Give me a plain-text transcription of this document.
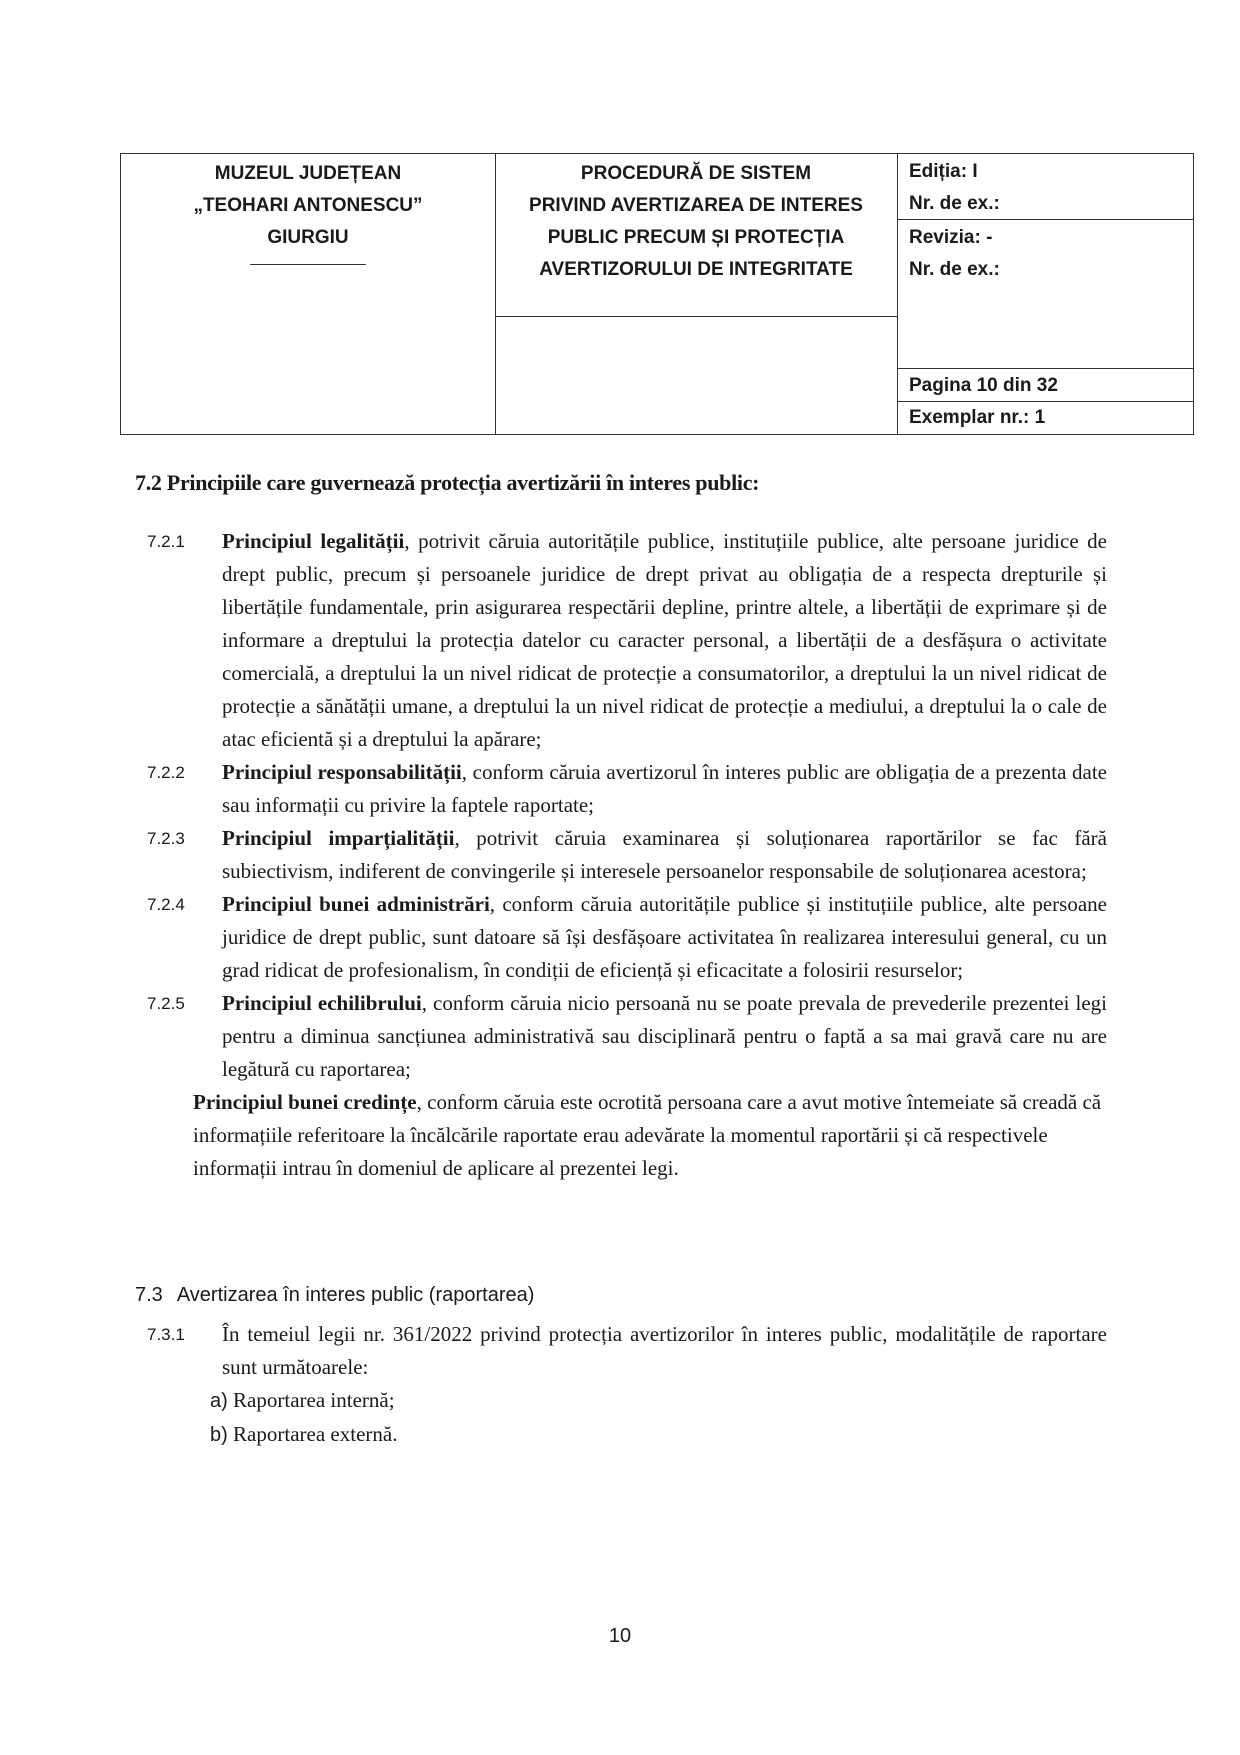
MUZEUL JUDEȚEAN
„TEOHARI ANTONESCU”
GIURGIU
PROCEDURĂ DE SISTEM
PRIVIND AVERTIZAREA DE INTERES
PUBLIC PRECUM ȘI PROTECȚIA
AVERTIZORULUI DE INTEGRITATE
Ediția: I
Nr. de ex.:
Revizia: -
Nr. de ex.:
Pagina 10 din 32
Exemplar nr.: 1
7.2 Principiile care guvernează protecția avertizării în interes public:
7.2.1 Principiul legalității, potrivit căruia autoritățile publice, instituțiile publice, alte persoane juridice de drept public, precum și persoanele juridice de drept privat au obligația de a respecta drepturile și libertățile fundamentale, prin asigurarea respectării depline, printre altele, a libertății de exprimare și de informare a dreptului la protecția datelor cu caracter personal, a libertății de a desfășura o activitate comercială, a dreptului la un nivel ridicat de protecție a consumatorilor, a dreptului la un nivel ridicat de protecție a sănătății umane, a dreptului la un nivel ridicat de protecție a mediului, a dreptului la o cale de atac eficientă și a dreptului la apărare;
7.2.2 Principiul responsabilității, conform căruia avertizorul în interes public are obligația de a prezenta date sau informații cu privire la faptele raportate;
7.2.3 Principiul imparțialității, potrivit căruia examinarea și soluționarea raportărilor se fac fără subiectivism, indiferent de convingerile și interesele persoanelor responsabile de soluționarea acestora;
7.2.4 Principiul bunei administrări, conform căruia autoritățile publice și instituțiile publice, alte persoane juridice de drept public, sunt datoare să își desfășoare activitatea în realizarea interesului general, cu un grad ridicat de profesionalism, în condiții de eficiență și eficacitate a folosirii resurselor;
7.2.5 Principiul echilibrului, conform căruia nicio persoană nu se poate prevala de prevederile prezentei legi pentru a diminua sancțiunea administrativă sau disciplinară pentru o faptă a sa mai gravă care nu are legătură cu raportarea;
Principiul bunei credințe, conform căruia este ocrotită persoana care a avut motive întemeiate să creadă că informațiile referitoare la încălcările raportate erau adevărate la momentul raportării și că respectivele informații intrau în domeniul de aplicare al prezentei legi.
7.3 Avertizarea în interes public (raportarea)
7.3.1 În temeiul legii nr. 361/2022 privind protecția avertizorilor în interes public, modalitățile de raportare sunt următoarele:
a) Raportarea internă;
b) Raportarea externă.
10
